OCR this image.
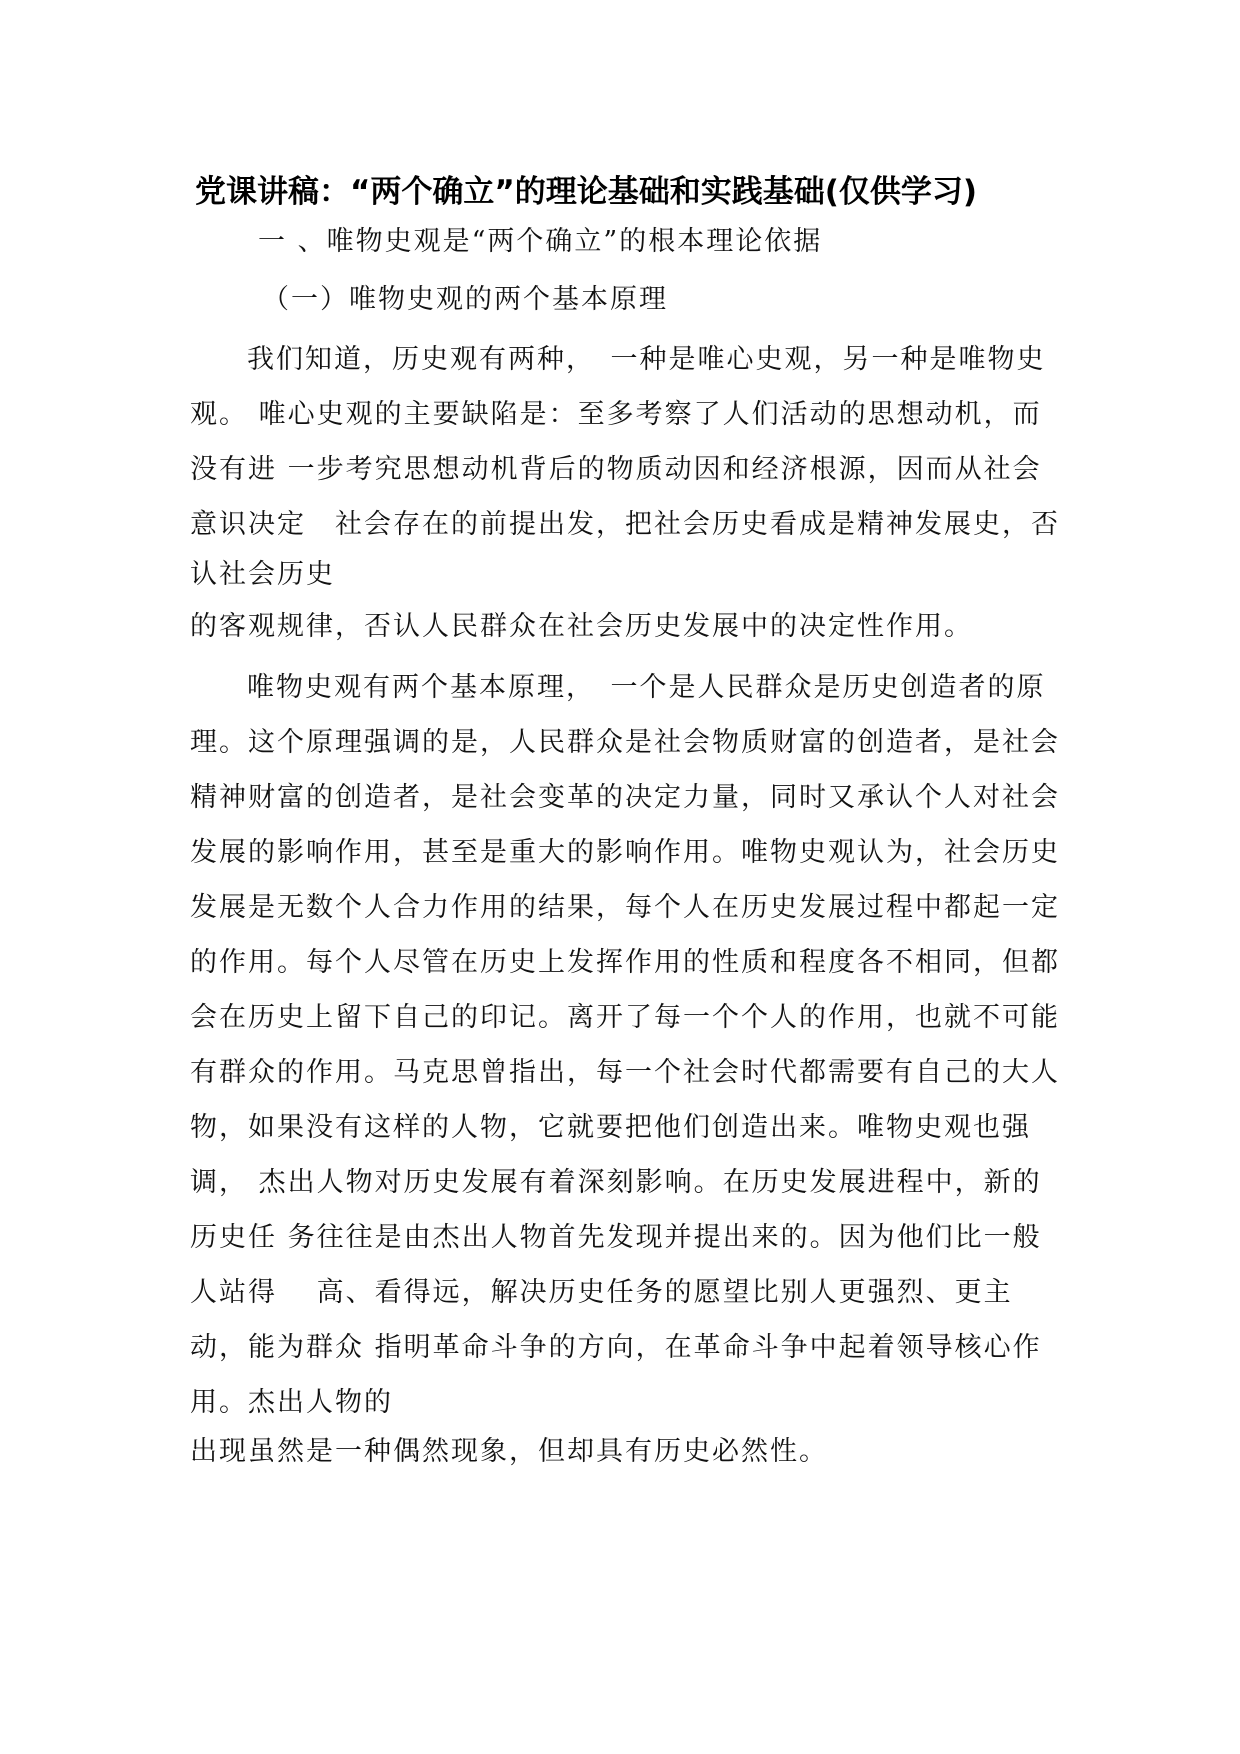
党课讲稿：“两个确立”的理论基础和实践基础(仅供学习)
一 、唯物史观是“两个确立”的根本理论依据
（一）唯物史观的两个基本原理
我们知道，历史观有两种，　一种是唯心史观，另一种是唯物史
观。 唯心史观的主要缺陷是：至多考察了人们活动的思想动机，而
没有进 一步考究思想动机背后的物质动因和经济根源，因而从社会
意识决定　社会存在的前提出发，把社会历史看成是精神发展史，否
认社会历史
的客观规律，否认人民群众在社会历史发展中的决定性作用。
唯物史观有两个基本原理，　一个是人民群众是历史创造者的原
理。这个原理强调的是，人民群众是社会物质财富的创造者，是社会
精神财富的创造者，是社会变革的决定力量，同时又承认个人对社会
发展的影响作用，甚至是重大的影响作用。唯物史观认为，社会历史
发展是无数个人合力作用的结果，每个人在历史发展过程中都起一定
的作用。每个人尽管在历史上发挥作用的性质和程度各不相同，但都
会在历史上留下自己的印记。离开了每一个个人的作用，也就不可能
有群众的作用。马克思曾指出，每一个社会时代都需要有自己的大人
物，如果没有这样的人物，它就要把他们创造出来。唯物史观也强
调， 杰出人物对历史发展有着深刻影响。在历史发展进程中，新的
历史任 务往往是由杰出人物首先发现并提出来的。因为他们比一般
人站得　 高、看得远，解决历史任务的愿望比别人更强烈、更主
动，能为群众 指明革命斗争的方向，在革命斗争中起着领导核心作
用。杰出人物的
出现虽然是一种偶然现象，但却具有历史必然性。
